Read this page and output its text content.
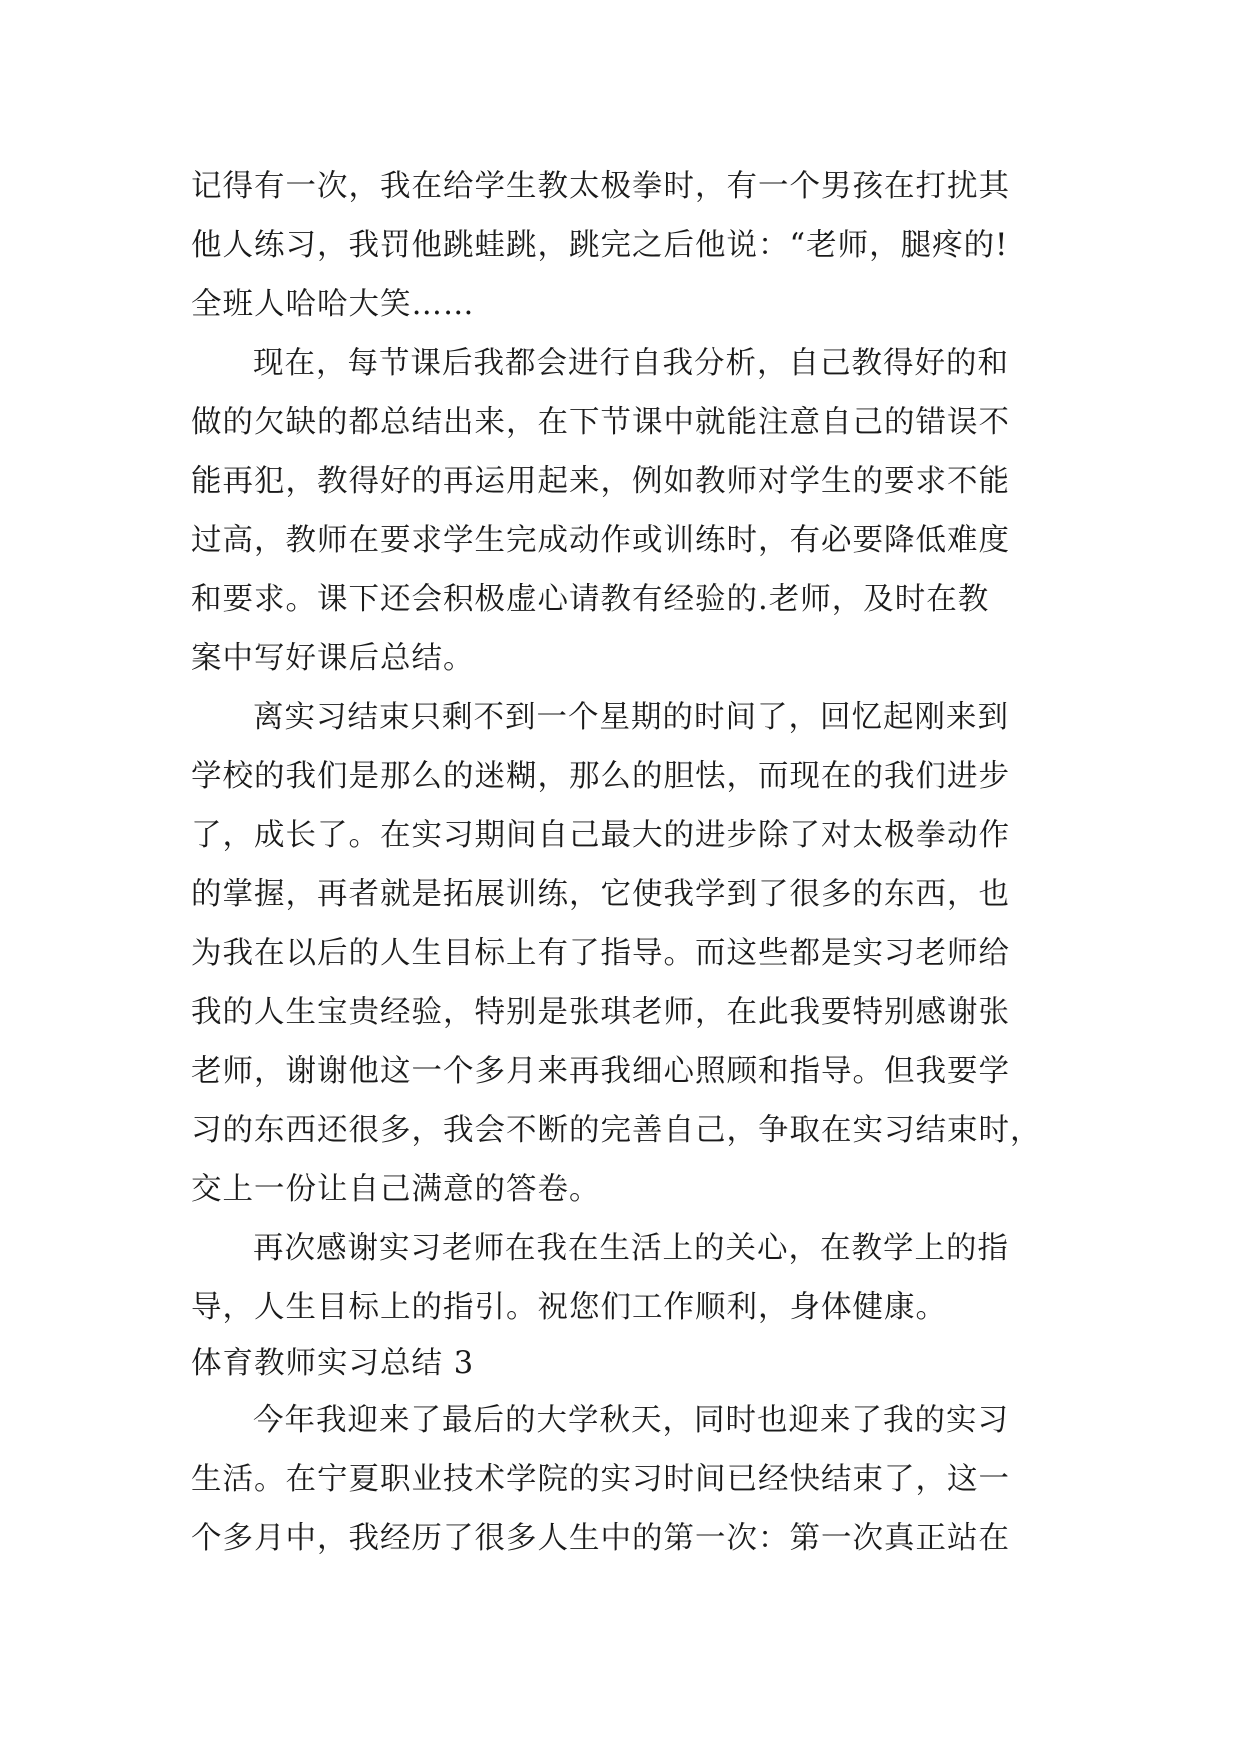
记得有一次，我在给学生教太极拳时，有一个男孩在打扰其
他人练习，我罚他跳蛙跳，跳完之后他说：“老师，腿疼的!
全班人哈哈大笑……
现在，每节课后我都会进行自我分析，自己教得好的和
做的欠缺的都总结出来，在下节课中就能注意自己的错误不
能再犯，教得好的再运用起来，例如教师对学生的要求不能
过高，教师在要求学生完成动作或训练时，有必要降低难度
和要求。课下还会积极虚心请教有经验的.老师，及时在教
案中写好课后总结。
离实习结束只剩不到一个星期的时间了，回忆起刚来到
学校的我们是那么的迷糊，那么的胆怯，而现在的我们进步
了，成长了。在实习期间自己最大的进步除了对太极拳动作
的掌握，再者就是拓展训练，它使我学到了很多的东西，也
为我在以后的人生目标上有了指导。而这些都是实习老师给
我的人生宝贵经验，特别是张琪老师，在此我要特别感谢张
老师，谢谢他这一个多月来再我细心照顾和指导。但我要学
习的东西还很多，我会不断的完善自己，争取在实习结束时，
交上一份让自己满意的答卷。
再次感谢实习老师在我在生活上的关心，在教学上的指
导，人生目标上的指引。祝您们工作顺利，身体健康。
体育教师实习总结 3
今年我迎来了最后的大学秋天，同时也迎来了我的实习
生活。在宁夏职业技术学院的实习时间已经快结束了，这一
个多月中，我经历了很多人生中的第一次：第一次真正站在
